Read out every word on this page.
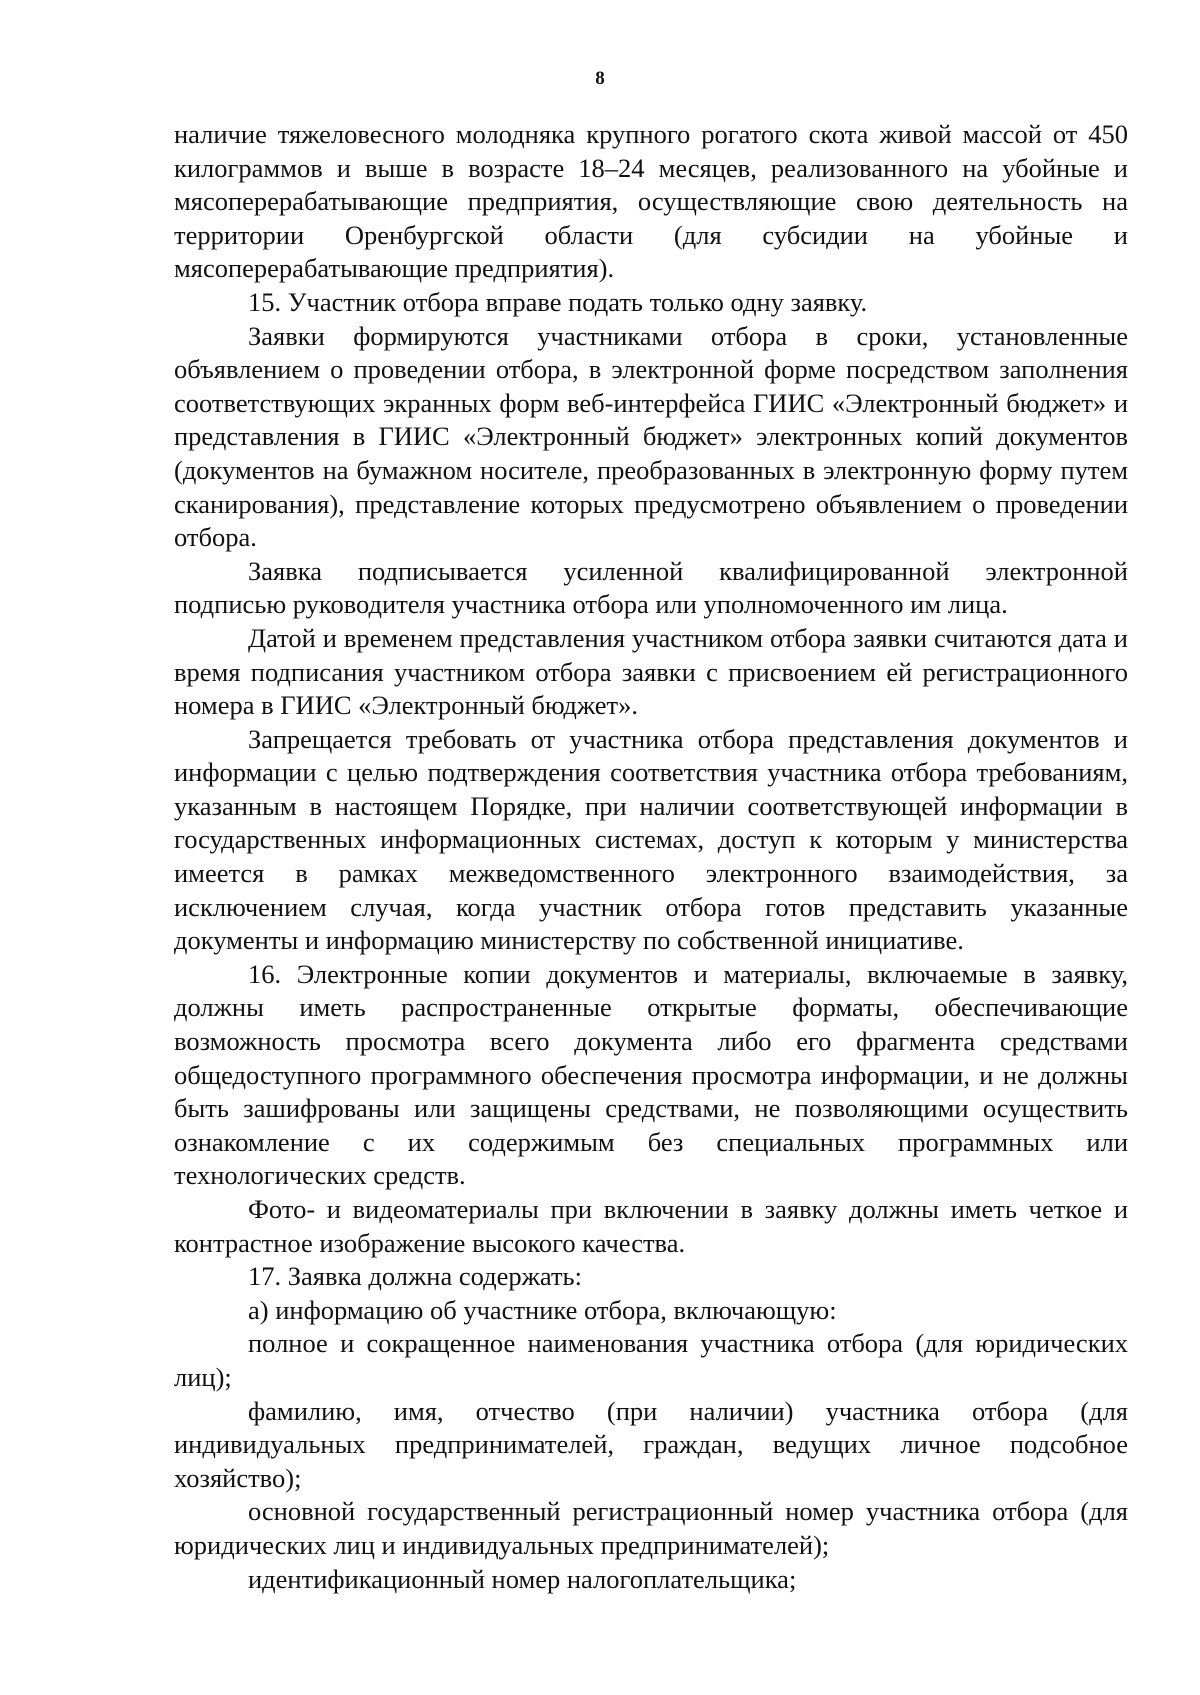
8

наличие тяжеловесного молодняка крупного рогатого скота живой массой от 450 килограммов и выше в возрасте 18–24 месяцев, реализованного на убойные и мясоперерабатывающие предприятия, осуществляющие свою деятельность на территории Оренбургской области (для субсидии на убойные и мясоперерабатывающие предприятия).

15. Участник отбора вправе подать только одну заявку.

Заявки формируются участниками отбора в сроки, установленные объявлением о проведении отбора, в электронной форме посредством заполнения соответствующих экранных форм веб-интерфейса ГИИС «Электронный бюджет» и представления в ГИИС «Электронный бюджет» электронных копий документов (документов на бумажном носителе, преобразованных в электронную форму путем сканирования), представление которых предусмотрено объявлением о проведении отбора.

Заявка подписывается усиленной квалифицированной электронной подписью руководителя участника отбора или уполномоченного им лица.

Датой и временем представления участником отбора заявки считаются дата и время подписания участником отбора заявки с присвоением ей регистрационного номера в ГИИС «Электронный бюджет».

Запрещается требовать от участника отбора представления документов и информации с целью подтверждения соответствия участника отбора требованиям, указанным в настоящем Порядке, при наличии соответствующей информации в государственных информационных системах, доступ к которым у министерства имеется в рамках межведомственного электронного взаимодействия, за исключением случая, когда участник отбора готов представить указанные документы и информацию министерству по собственной инициативе.

16. Электронные копии документов и материалы, включаемые в заявку, должны иметь распространенные открытые форматы, обеспечивающие возможность просмотра всего документа либо его фрагмента средствами общедоступного программного обеспечения просмотра информации, и не должны быть зашифрованы или защищены средствами, не позволяющими осуществить ознакомление с их содержимым без специальных программных или технологических средств.

Фото- и видеоматериалы при включении в заявку должны иметь четкое и контрастное изображение высокого качества.

17. Заявка должна содержать:

а) информацию об участнике отбора, включающую:

полное и сокращенное наименования участника отбора (для юридических лиц);

фамилию, имя, отчество (при наличии) участника отбора (для индивидуальных предпринимателей, граждан, ведущих личное подсобное хозяйство);

основной государственный регистрационный номер участника отбора (для юридических лиц и индивидуальных предпринимателей);

идентификационный номер налогоплательщика;
